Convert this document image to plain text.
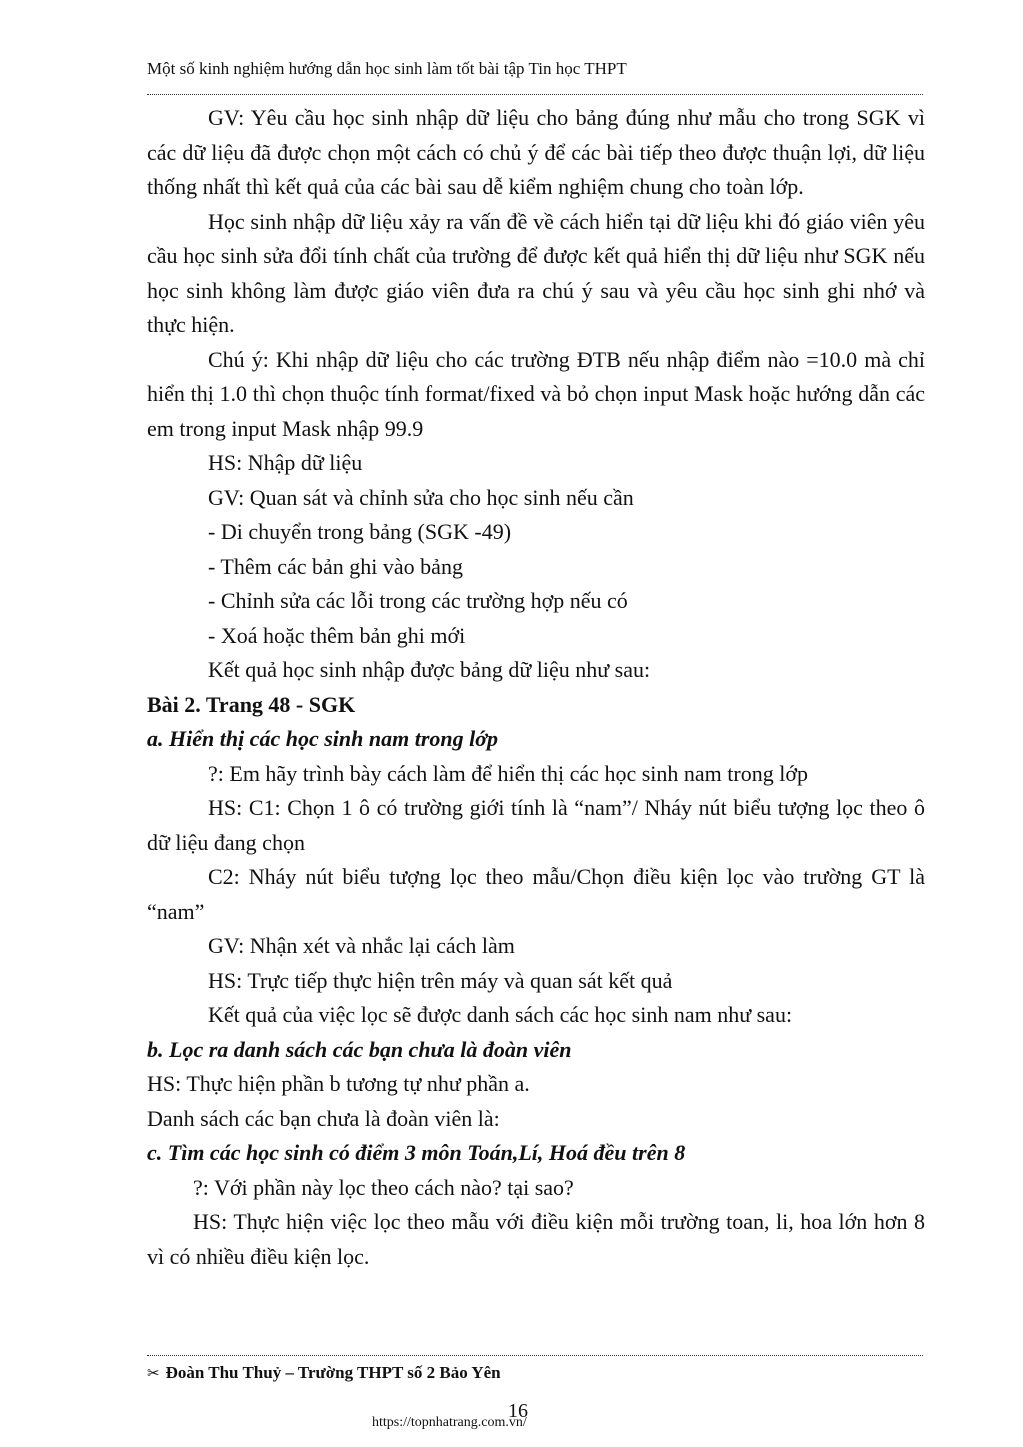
Một số kinh nghiệm hướng dẫn học sinh làm tốt bài tập Tin học THPT

GV: Yêu cầu học sinh nhập dữ liệu cho bảng đúng như mẫu cho trong SGK vì các dữ liệu đã được chọn một cách có chủ ý để các bài tiếp theo được thuận lợi, dữ liệu thống nhất thì kết quả của các bài sau dễ kiểm nghiệm chung cho toàn lớp.

Học sinh nhập dữ liệu xảy ra vấn đề về cách hiển tại dữ liệu khi đó giáo viên yêu cầu học sinh sửa đổi tính chất của trường để được kết quả hiển thị dữ liệu như SGK nếu học sinh không làm được giáo viên đưa ra chú ý sau và yêu cầu học sinh ghi nhớ và thực hiện.

Chú ý: Khi nhập dữ liệu cho các trường ĐTB nếu nhập điểm nào =10.0 mà chỉ hiển thị 1.0 thì chọn thuộc tính format/fixed và bỏ chọn input Mask hoặc hướng dẫn các em trong input Mask nhập 99.9

HS: Nhập dữ liệu

GV: Quan sát và chỉnh sửa cho học sinh nếu cần

- Di chuyển trong bảng (SGK -49)

- Thêm các bản ghi vào bảng

- Chỉnh sửa các lỗi trong các trường hợp nếu có

- Xoá hoặc thêm bản ghi mới

Kết quả học sinh nhập được bảng dữ liệu như sau:

Bài 2. Trang 48 - SGK

a. Hiển thị các học sinh nam trong lớp

?: Em hãy trình bày cách làm để hiển thị các học sinh nam trong lớp

HS: C1: Chọn 1 ô có trường giới tính là “nam”/ Nháy nút biểu tượng lọc theo ô dữ liệu đang chọn

C2: Nháy nút biểu tượng lọc theo mẫu/Chọn điều kiện lọc vào trường GT là “nam”

GV: Nhận xét và nhắc lại cách làm

HS: Trực tiếp thực hiện trên máy và quan sát kết quả

Kết quả của việc lọc sẽ được danh sách các học sinh nam như sau:

b. Lọc ra danh sách các bạn chưa là đoàn viên

HS: Thực hiện phần b tương tự như phần a.

Danh sách các bạn chưa là đoàn viên là:

c. Tìm các học sinh có điểm 3 môn Toán,Lí, Hoá đều trên 8

?: Với phần này lọc theo cách nào? tại sao?

HS: Thực hiện việc lọc theo mẫu với điều kiện mỗi trường toan, li, hoa lớn hơn 8 vì có nhiều điều kiện lọc.

✂ Đoàn Thu Thuỷ – Trường THPT số 2 Bảo Yên
16
https://topnhatrang.com.vn/
